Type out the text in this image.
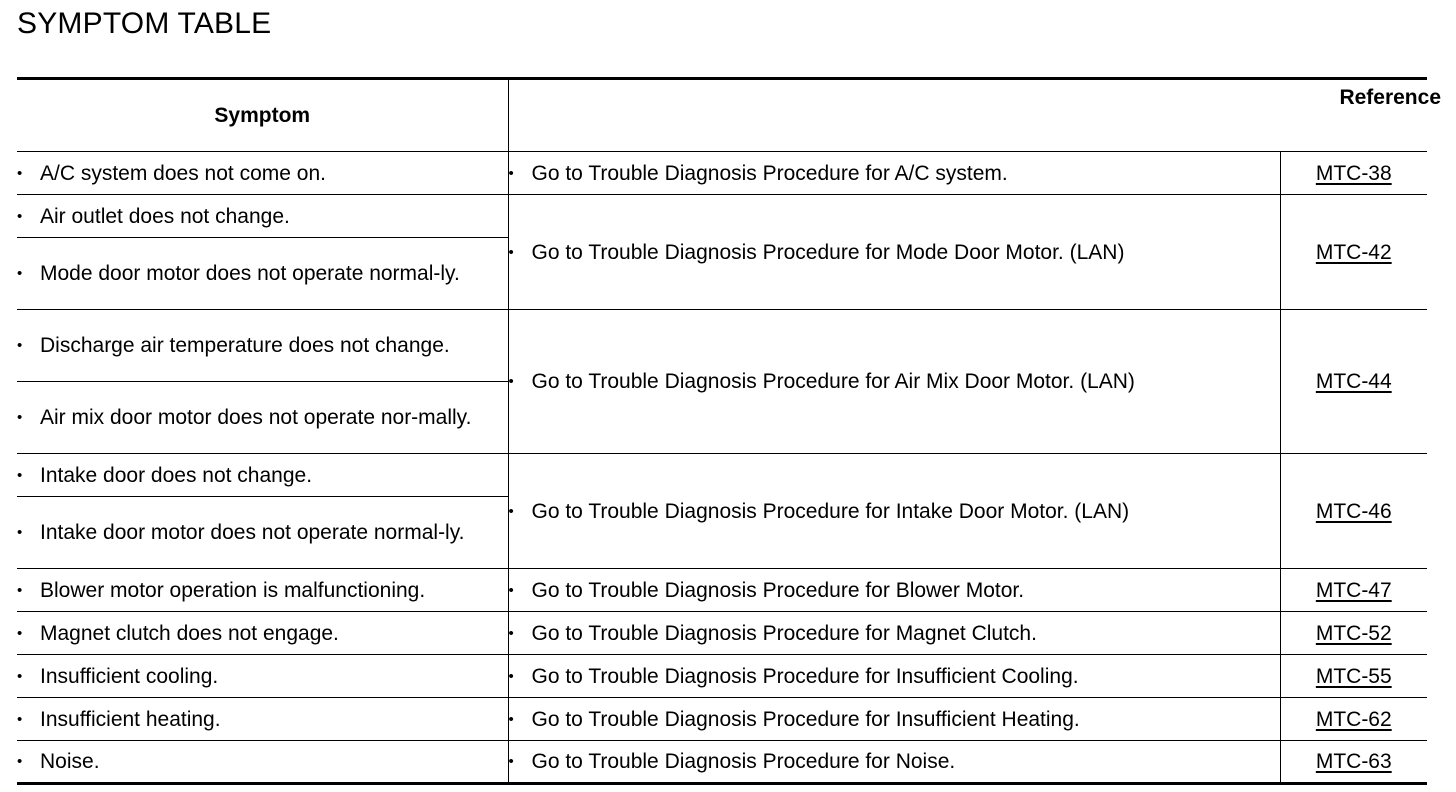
SYMPTOM TABLE
Reference
Symptom		

• A/C system does not come on.	• Go to Trouble Diagnosis Procedure for A/C system.	MTC-38

• Air outlet does not change.	• Go to Trouble Diagnosis Procedure for Mode Door Motor. (LAN)	MTC-42

• Mode door motor does not operate normal-ly.		

• Discharge air temperature does not change.	• Go to Trouble Diagnosis Procedure for Air Mix Door Motor. (LAN)	MTC-44

• Air mix door motor does not operate nor-mally.		

• Intake door does not change.	• Go to Trouble Diagnosis Procedure for Intake Door Motor. (LAN)	MTC-46

• Intake door motor does not operate normal-ly.		

• Blower motor operation is malfunctioning.	• Go to Trouble Diagnosis Procedure for Blower Motor.	MTC-47

• Magnet clutch does not engage.	• Go to Trouble Diagnosis Procedure for Magnet Clutch.	MTC-52

• Insufficient cooling.	• Go to Trouble Diagnosis Procedure for Insufficient Cooling.	MTC-55

• Insufficient heating.	• Go to Trouble Diagnosis Procedure for Insufficient Heating.	MTC-62

• Noise.	• Go to Trouble Diagnosis Procedure for Noise.	MTC-63
